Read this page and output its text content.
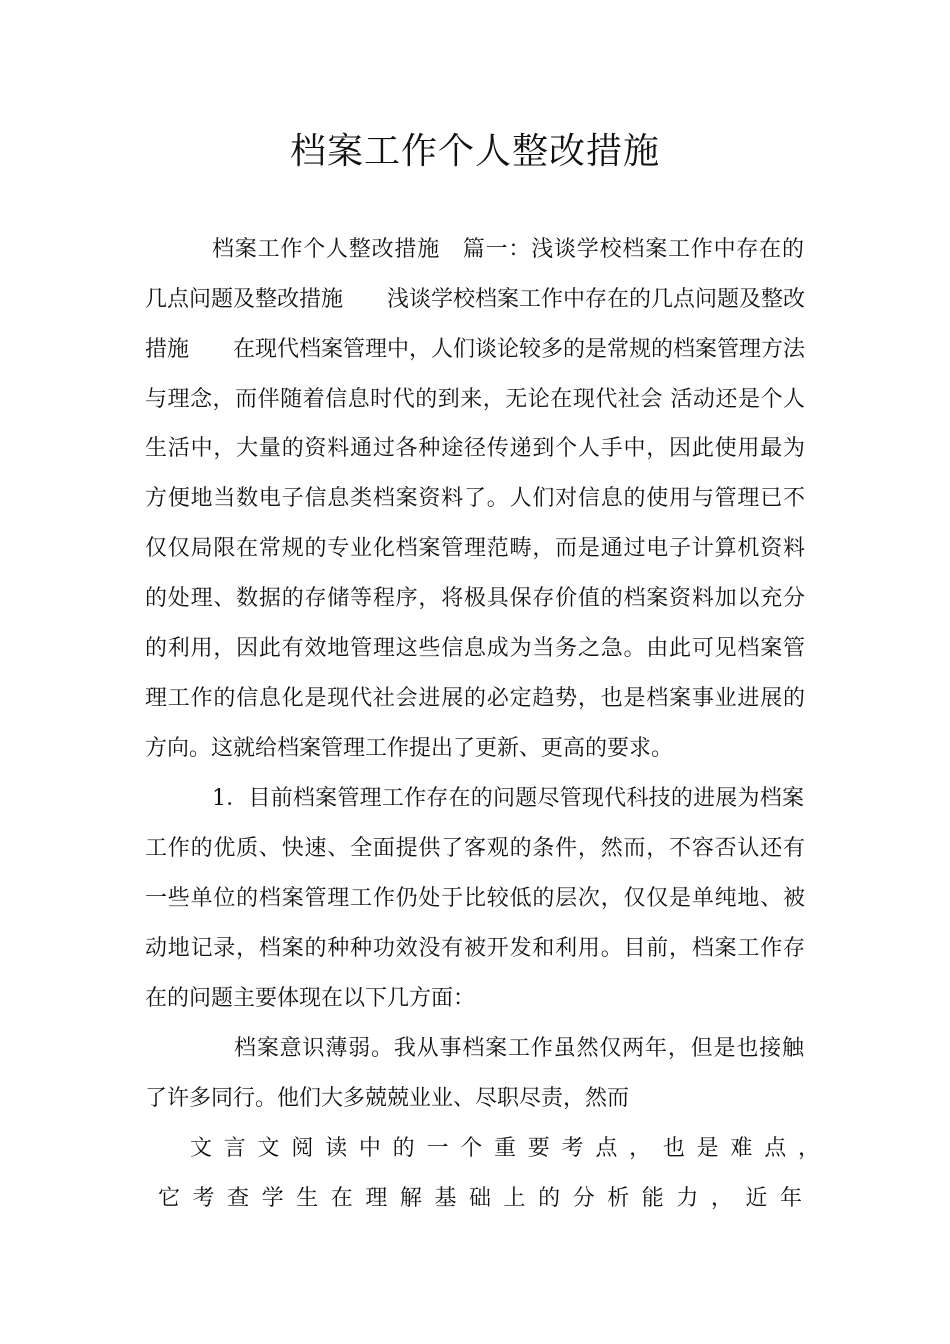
档案工作个人整改措施
档案工作个人整改措施　篇一：浅谈学校档案工作中存在的
几点问题及整改措施　　浅谈学校档案工作中存在的几点问题及整改
措施　　在现代档案管理中，人们谈论较多的是常规的档案管理方法
与理念，而伴随着信息时代的到来，无论在现代社会 活动还是个人
生活中，大量的资料通过各种途径传递到个人手中，因此使用最为
方便地当数电子信息类档案资料了。人们对信息的使用与管理已不
仅仅局限在常规的专业化档案管理范畴，而是通过电子计算机资料
的处理、数据的存储等程序，将极具保存价值的档案资料加以充分
的利用，因此有效地管理这些信息成为当务之急。由此可见档案管
理工作的信息化是现代社会进展的必定趋势，也是档案事业进展的
方向。这就给档案管理工作提出了更新、更高的要求。
1．目前档案管理工作存在的问题尽管现代科技的进展为档案
工作的优质、快速、全面提供了客观的条件，然而，不容否认还有
一些单位的档案管理工作仍处于比较低的层次，仅仅是单纯地、被
动地记录，档案的种种功效没有被开发和利用。目前，档案工作存
在的问题主要体现在以下几方面：
档案意识薄弱。我从事档案工作虽然仅两年，但是也接触
了许多同行。他们大多兢兢业业、尽职尽责，然而
文言文阅读中的一个重要考点，也是难点，
它考查学生在理解基础上的分析能力，近年
